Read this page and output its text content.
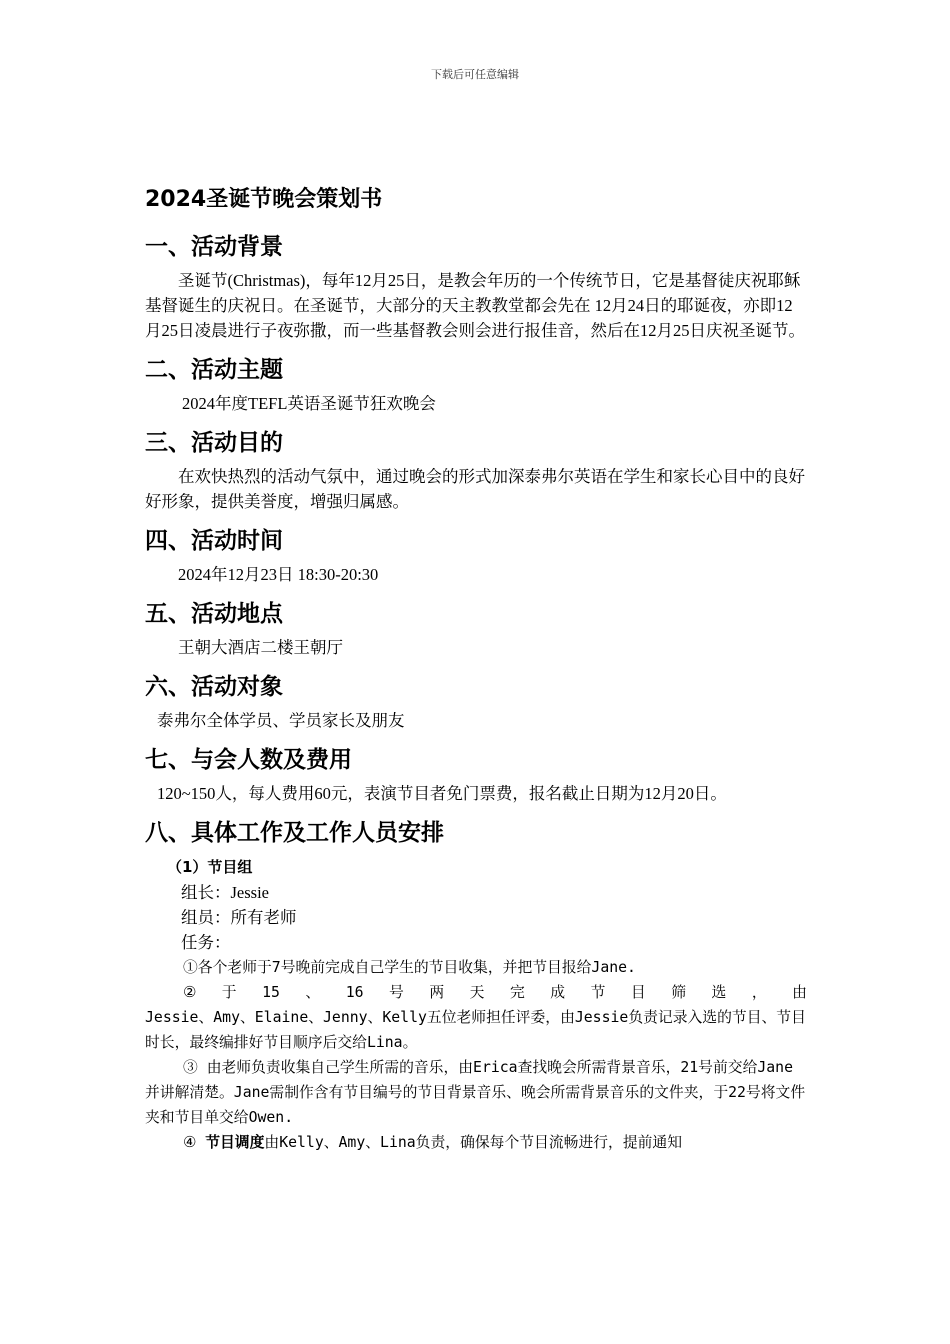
下载后可任意编辑
2024圣诞节晚会策划书
一、活动背景

圣诞节(Christmas)，每年12月25日，是教会年历的一个传统节日，它是基督徒庆祝耶稣基督诞生的庆祝日。在圣诞节，大部分的天主教教堂都会先在 12月24日的耶诞夜，亦即12月25日凌晨进行子夜弥撒，而一些基督教会则会进行报佳音，然后在12月25日庆祝圣诞节。

二、活动主题

2024年度TEFL英语圣诞节狂欢晚会

三、活动目的

在欢快热烈的活动气氛中，通过晚会的形式加深泰弗尔英语在学生和家长心目中的良好好形象，提供美誉度，增强归属感。

四、活动时间

2024年12月23日 18:30-20:30

五、活动地点

王朝大酒店二楼王朝厅

六、活动对象

泰弗尔全体学员、学员家长及朋友

七、与会人数及费用

120~150人，每人费用60元，表演节目者免门票费，报名截止日期为12月20日。

八、具体工作及工作人员安排
（1）节目组

组长：Jessie

组员：所有老师

任务：

①各个老师于7号晚前完成自己学生的节目收集，并把节目报给Jane.

② 于 15 、 16 号 两 天 完 成 节 目 筛 选 ， 由

Jessie、Amy、Elaine、Jenny、Kelly五位老师担任评委，由Jessie负责记录入选的节目、节目时长，最终编排好节目顺序后交给Lina。

③ 由老师负责收集自己学生所需的音乐，由Erica查找晚会所需背景音乐，21号前交给Jane并讲解清楚。Jane需制作含有节目编号的节目背景音乐、晚会所需背景音乐的文件夹，于22号将文件夹和节目单交给Owen.

④ 节目调度由Kelly、Amy、Lina负责，确保每个节目流畅进行，提前通知
